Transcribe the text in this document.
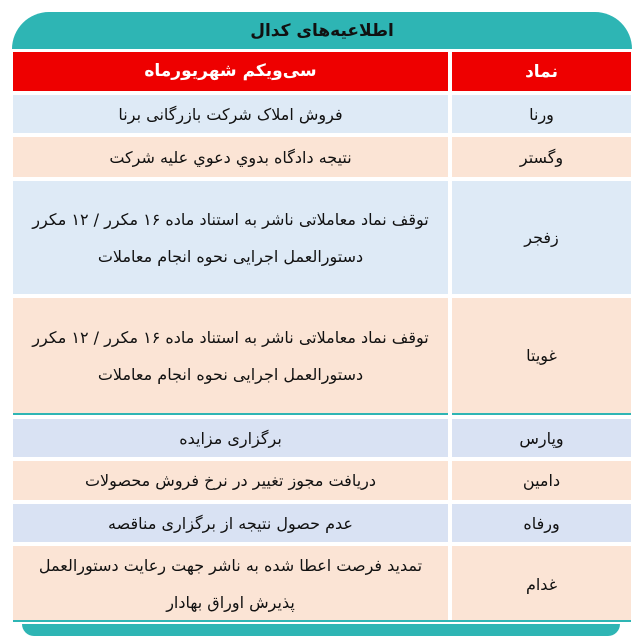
اطلاعیه‌های کدال
نماد
سی‌ویکم شهریورماه
ورنا
فروش املاک شرکت بازرگانی برنا
وگستر
نتیجه دادگاه بدوي دعوي عليه شركت
زفجر
توقف نماد معاملاتی ناشر به استناد ماده ۱۶ مکرر / ۱۲ مکرر دستورالعمل اجرایی نحوه انجام معاملات
غویتا
توقف نماد معاملاتی ناشر به استناد ماده ۱۶ مکرر / ۱۲ مکرر دستورالعمل اجرایی نحوه انجام معاملات
وپارس
برگزاری مزایده
دامین
دریافت مجوز تغییر در نرخ فروش محصولات
ورفاه
عدم حصول نتیجه از برگزاری مناقصه
غدام
تمدید فرصت اعطا شده به ناشر جهت رعایت دستورالعمل پذیرش اوراق بهادار
